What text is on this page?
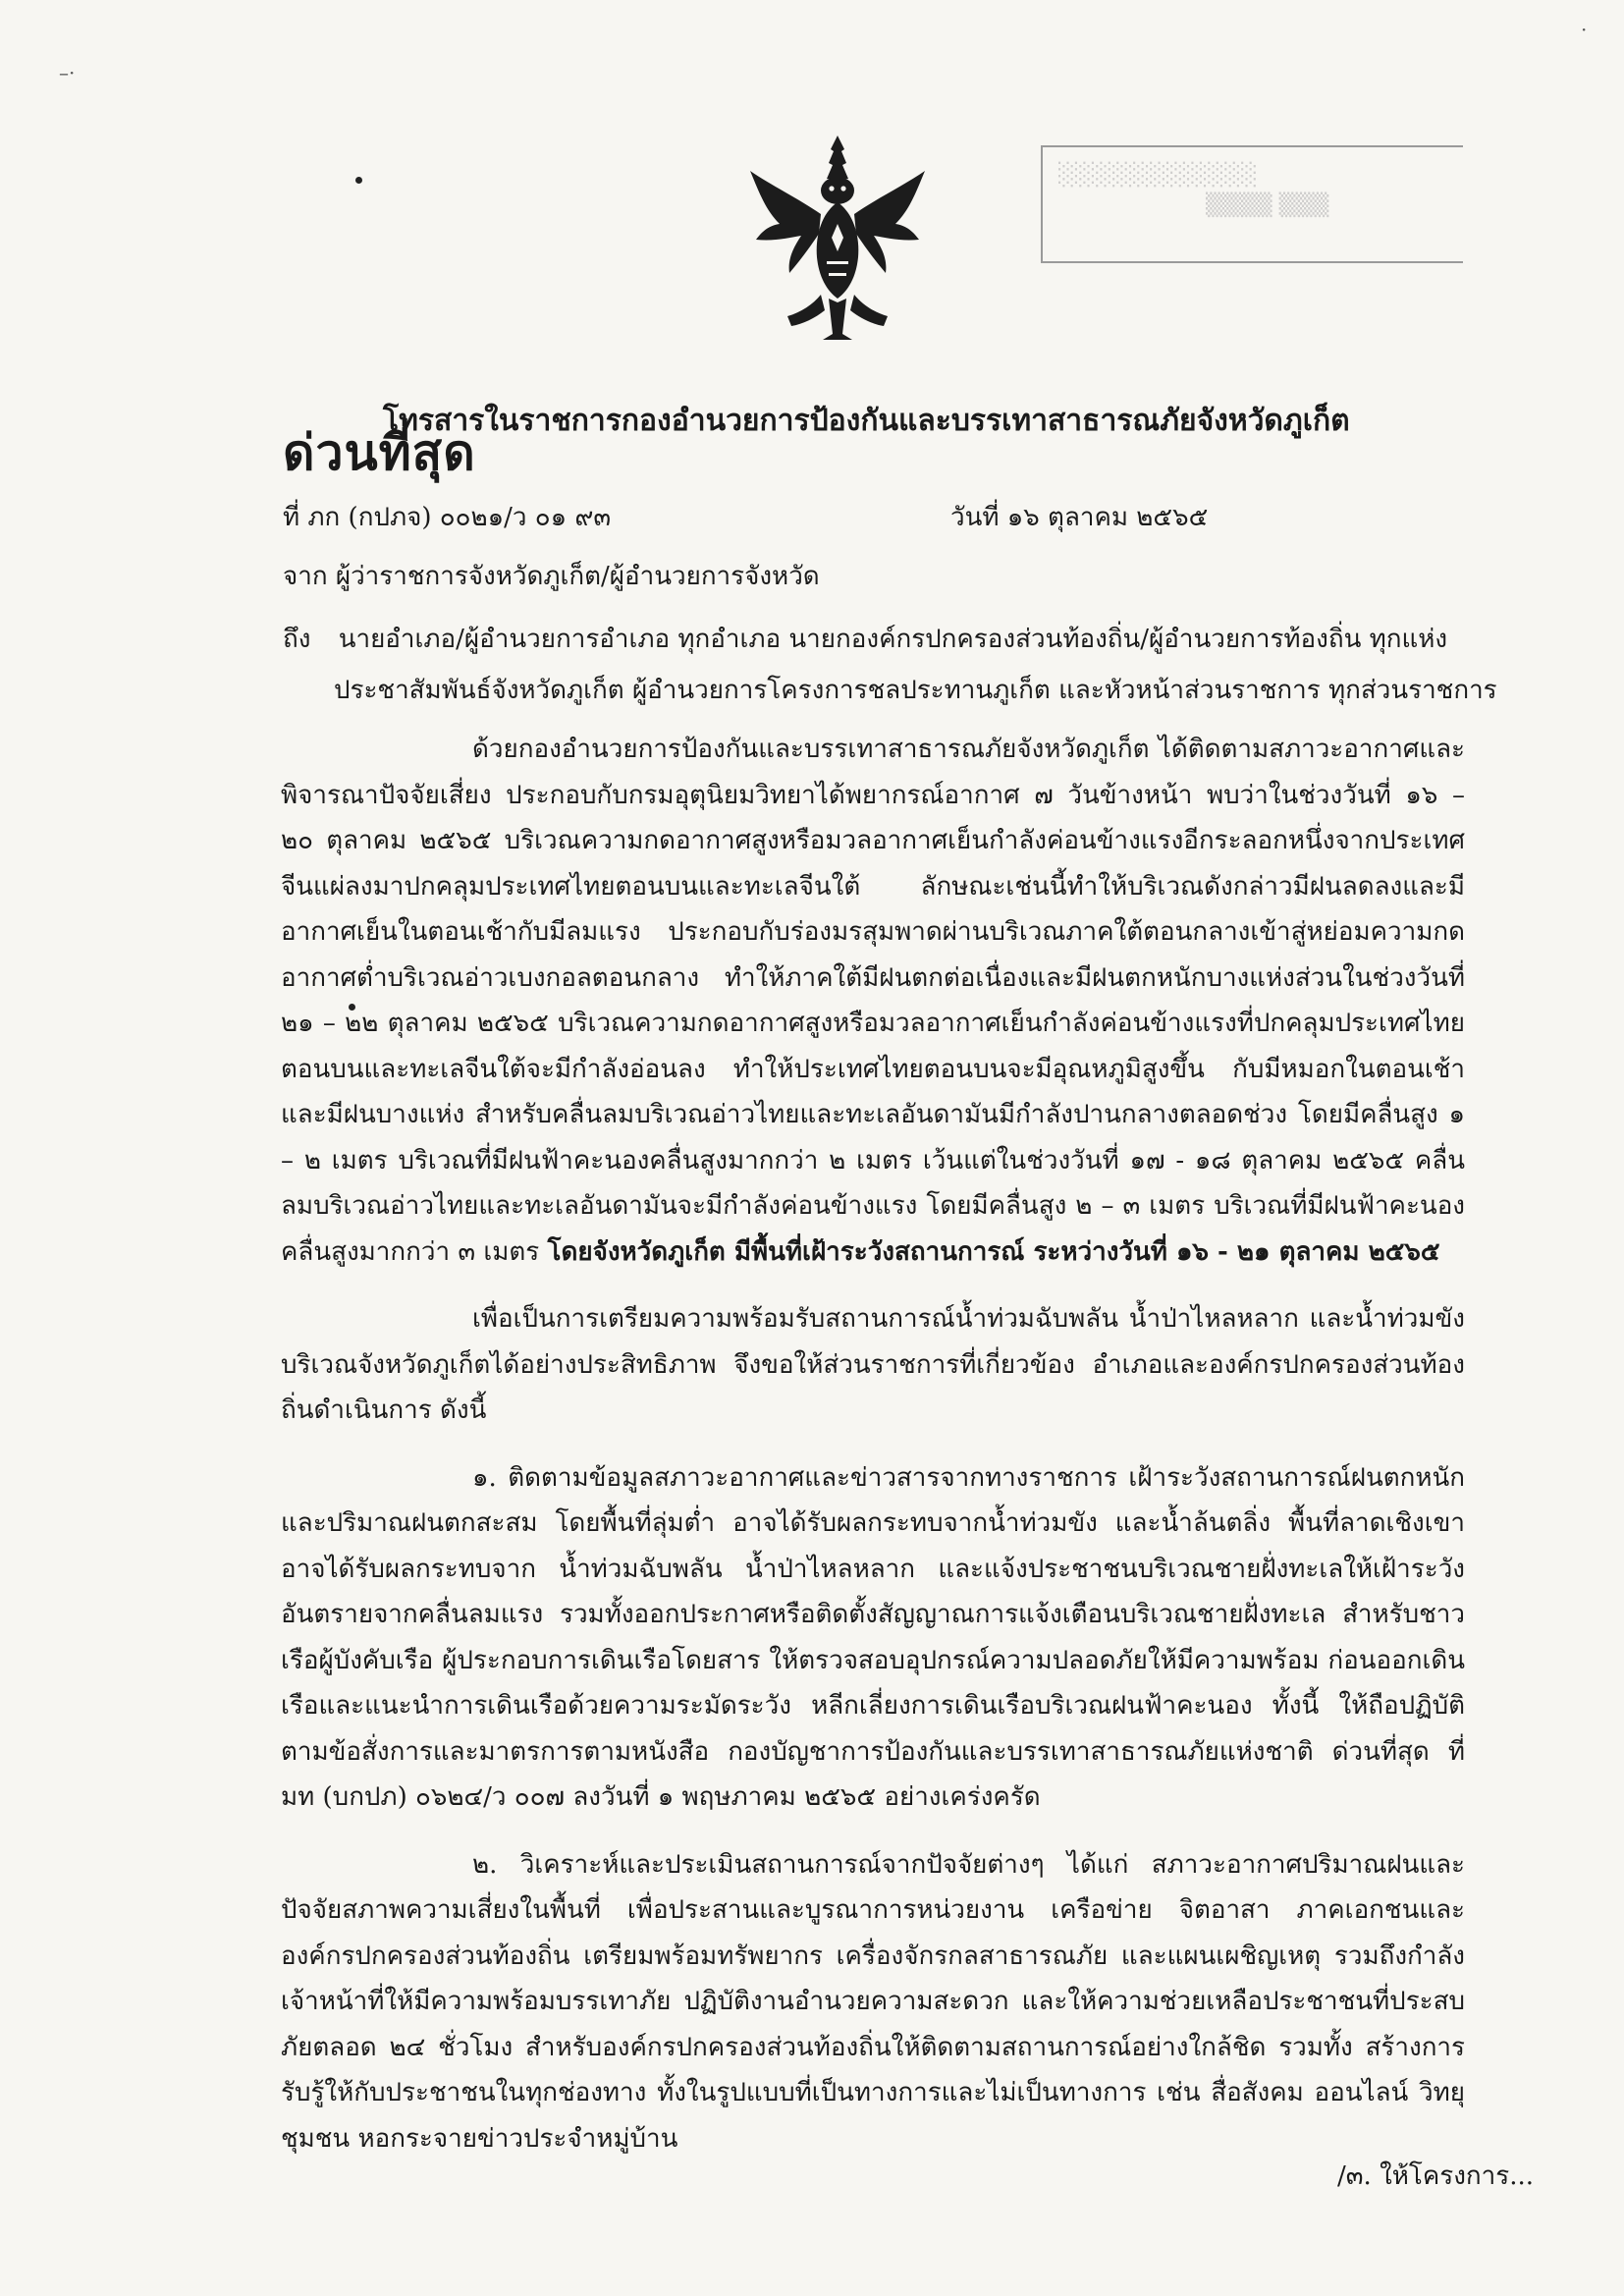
–·
·
░░░░░░░░░░░░
▒▒▒▒ ▒▒▒
โทรสารในราชการกองอำนวยการป้องกันและบรรเทาสาธารณภัยจังหวัดภูเก็ต
ด่วนที่สุด
ที่ ภก (กปภจ) ๐๐๒๑/ว ๐๑ ๙๓	วันที่ ๑๖ ตุลาคม ๒๕๖๕
จาก ผู้ว่าราชการจังหวัดภูเก็ต/ผู้อำนวยการจังหวัด
ถึง นายอำเภอ/ผู้อำนวยการอำเภอ ทุกอำเภอ นายกองค์กรปกครองส่วนท้องถิ่น/ผู้อำนวยการท้องถิ่น ทุกแห่ง
ประชาสัมพันธ์จังหวัดภูเก็ต ผู้อำนวยการโครงการชลประทานภูเก็ต และหัวหน้าส่วนราชการ ทุกส่วนราชการ

ด้วยกองอำนวยการป้องกันและบรรเทาสาธารณภัยจังหวัดภูเก็ต ได้ติดตามสภาวะอากาศและพิจารณาปัจจัยเสี่ยง ประกอบกับกรมอุตุนิยมวิทยาได้พยากรณ์อากาศ ๗ วันข้างหน้า พบว่าในช่วงวันที่ ๑๖ – ๒๐ ตุลาคม ๒๕๖๕ บริเวณความกดอากาศสูงหรือมวลอากาศเย็นกำลังค่อนข้างแรงอีกระลอกหนึ่งจากประเทศจีนแผ่ลงมาปกคลุมประเทศไทยตอนบนและทะเลจีนใต้ ลักษณะเช่นนี้ทำให้บริเวณดังกล่าวมีฝนลดลงและมีอากาศเย็นในตอนเช้ากับมีลมแรง ประกอบกับร่องมรสุมพาดผ่านบริเวณภาคใต้ตอนกลางเข้าสู่หย่อมความกดอากาศต่ำบริเวณอ่าวเบงกอลตอนกลาง ทำให้ภาคใต้มีฝนตกต่อเนื่องและมีฝนตกหนักบางแห่งส่วนในช่วงวันที่ ๒๑ – ๒๒ ตุลาคม ๒๕๖๕ บริเวณความกดอากาศสูงหรือมวลอากาศเย็นกำลังค่อนข้างแรงที่ปกคลุมประเทศไทยตอนบนและทะเลจีนใต้จะมีกำลังอ่อนลง ทำให้ประเทศไทยตอนบนจะมีอุณหภูมิสูงขึ้น กับมีหมอกในตอนเช้า และมีฝนบางแห่ง สำหรับคลื่นลมบริเวณอ่าวไทยและทะเลอันดามันมีกำลังปานกลางตลอดช่วง โดยมีคลื่นสูง ๑ – ๒ เมตร บริเวณที่มีฝนฟ้าคะนองคลื่นสูงมากกว่า ๒ เมตร เว้นแต่ในช่วงวันที่ ๑๗ - ๑๘ ตุลาคม ๒๕๖๕ คลื่นลมบริเวณอ่าวไทยและทะเลอันดามันจะมีกำลังค่อนข้างแรง โดยมีคลื่นสูง ๒ – ๓ เมตร บริเวณที่มีฝนฟ้าคะนอง คลื่นสูงมากกว่า ๓ เมตร โดยจังหวัดภูเก็ต มีพื้นที่เฝ้าระวังสถานการณ์ ระหว่างวันที่ ๑๖ - ๒๑ ตุลาคม ๒๕๖๕

เพื่อเป็นการเตรียมความพร้อมรับสถานการณ์น้ำท่วมฉับพลัน น้ำป่าไหลหลาก และน้ำท่วมขังบริเวณจังหวัดภูเก็ตได้อย่างประสิทธิภาพ จึงขอให้ส่วนราชการที่เกี่ยวข้อง อำเภอและองค์กรปกครองส่วนท้องถิ่นดำเนินการ ดังนี้

๑. ติดตามข้อมูลสภาวะอากาศและข่าวสารจากทางราชการ เฝ้าระวังสถานการณ์ฝนตกหนักและปริมาณฝนตกสะสม โดยพื้นที่ลุ่มต่ำ อาจได้รับผลกระทบจากน้ำท่วมขัง และน้ำล้นตลิ่ง พื้นที่ลาดเชิงเขาอาจได้รับผลกระทบจาก น้ำท่วมฉับพลัน น้ำป่าไหลหลาก และแจ้งประชาชนบริเวณชายฝั่งทะเลให้เฝ้าระวังอันตรายจากคลื่นลมแรง รวมทั้งออกประกาศหรือติดตั้งสัญญาณการแจ้งเตือนบริเวณชายฝั่งทะเล สำหรับชาวเรือผู้บังคับเรือ ผู้ประกอบการเดินเรือโดยสาร ให้ตรวจสอบอุปกรณ์ความปลอดภัยให้มีความพร้อม ก่อนออกเดินเรือและแนะนำการเดินเรือด้วยความระมัดระวัง หลีกเลี่ยงการเดินเรือบริเวณฝนฟ้าคะนอง ทั้งนี้ ให้ถือปฏิบัติตามข้อสั่งการและมาตรการตามหนังสือ กองบัญชาการป้องกันและบรรเทาสาธารณภัยแห่งชาติ ด่วนที่สุด ที่ มท (บกปภ) ๐๖๒๔/ว ๐๐๗ ลงวันที่ ๑ พฤษภาคม ๒๕๖๕ อย่างเคร่งครัด

๒. วิเคราะห์และประเมินสถานการณ์จากปัจจัยต่างๆ ได้แก่ สภาวะอากาศปริมาณฝนและปัจจัยสภาพความเสี่ยงในพื้นที่ เพื่อประสานและบูรณาการหน่วยงาน เครือข่าย จิตอาสา ภาคเอกชนและองค์กรปกครองส่วนท้องถิ่น เตรียมพร้อมทรัพยากร เครื่องจักรกลสาธารณภัย และแผนเผชิญเหตุ รวมถึงกำลังเจ้าหน้าที่ให้มีความพร้อมบรรเทาภัย ปฏิบัติงานอำนวยความสะดวก และให้ความช่วยเหลือประชาชนที่ประสบภัยตลอด ๒๔ ชั่วโมง สำหรับองค์กรปกครองส่วนท้องถิ่นให้ติดตามสถานการณ์อย่างใกล้ชิด รวมทั้ง สร้างการรับรู้ให้กับประชาชนในทุกช่องทาง ทั้งในรูปแบบที่เป็นทางการและไม่เป็นทางการ เช่น สื่อสังคม ออนไลน์ วิทยุชุมชน หอกระจายข่าวประจำหมู่บ้าน

/๓. ให้โครงการ...
